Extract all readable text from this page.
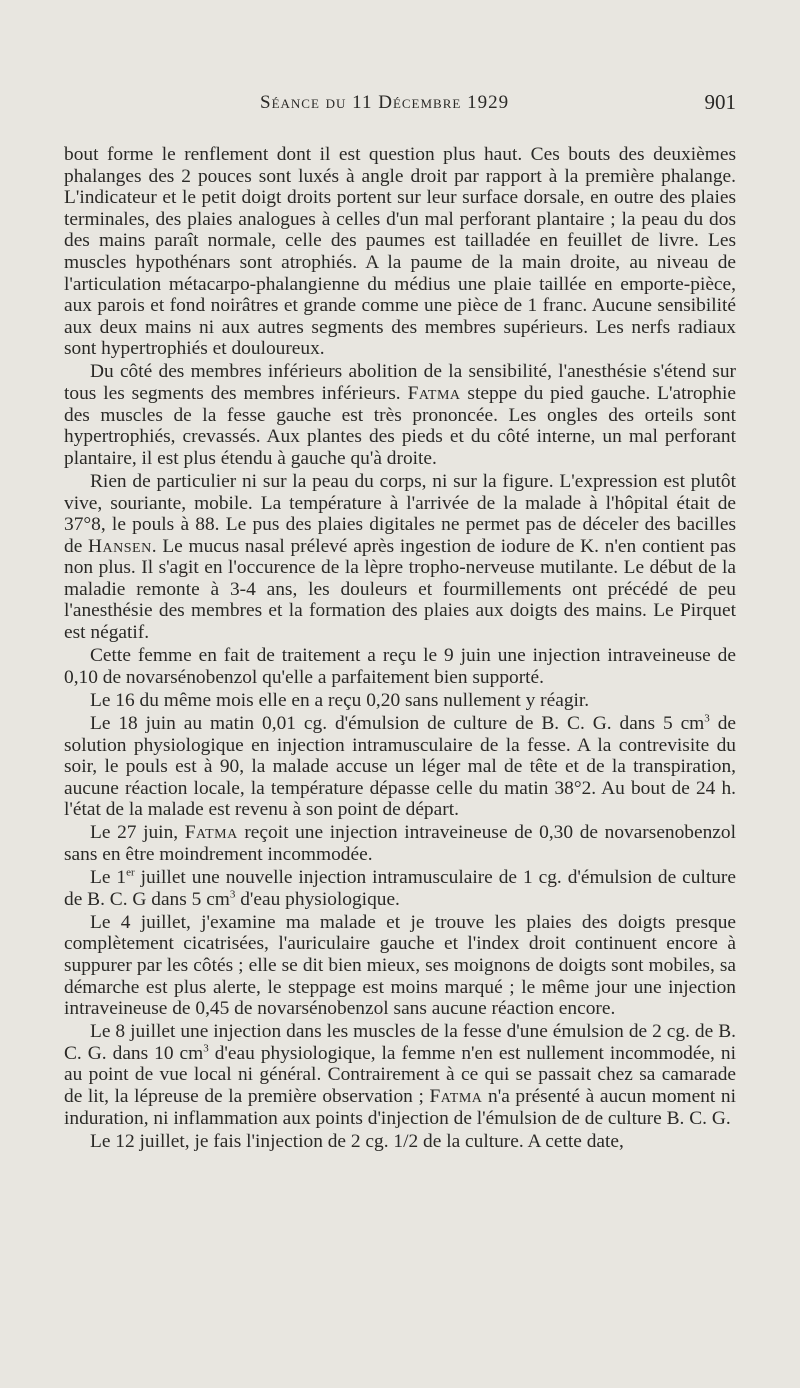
Séance du 11 Décembre 1929	901

bout forme le renflement dont il est question plus haut. Ces bouts des deuxièmes phalanges des 2 pouces sont luxés à angle droit par rapport à la première phalange. L'indicateur et le petit doigt droits portent sur leur surface dorsale, en outre des plaies terminales, des plaies analogues à celles d'un mal perforant plantaire ; la peau du dos des mains paraît normale, celle des paumes est tailladée en feuillet de livre. Les muscles hypothénars sont atrophiés. A la paume de la main droite, au niveau de l'articulation métacarpo-phalangienne du médius une plaie taillée en emporte-pièce, aux parois et fond noirâtres et grande comme une pièce de 1 franc. Aucune sensibilité aux deux mains ni aux autres segments des membres supérieurs. Les nerfs radiaux sont hypertrophiés et douloureux.

Du côté des membres inférieurs abolition de la sensibilité, l'anesthésie s'étend sur tous les segments des membres inférieurs. Fatma steppe du pied gauche. L'atrophie des muscles de la fesse gauche est très prononcée. Les ongles des orteils sont hypertrophiés, crevassés. Aux plantes des pieds et du côté interne, un mal perforant plantaire, il est plus étendu à gauche qu'à droite.

Rien de particulier ni sur la peau du corps, ni sur la figure. L'expression est plutôt vive, souriante, mobile. La température à l'arrivée de la malade à l'hôpital était de 37°8, le pouls à 88. Le pus des plaies digitales ne permet pas de déceler des bacilles de Hansen. Le mucus nasal prélevé après ingestion de iodure de K. n'en contient pas non plus. Il s'agit en l'occurence de la lèpre tropho-nerveuse mutilante. Le début de la maladie remonte à 3-4 ans, les douleurs et fourmillements ont précédé de peu l'anesthésie des membres et la formation des plaies aux doigts des mains. Le Pirquet est négatif.

Cette femme en fait de traitement a reçu le 9 juin une injection intraveineuse de 0,10 de novarsénobenzol qu'elle a parfaitement bien supporté.

Le 16 du même mois elle en a reçu 0,20 sans nullement y réagir.

Le 18 juin au matin 0,01 cg. d'émulsion de culture de B. C. G. dans 5 $cm^3$ de solution physiologique en injection intramusculaire de la fesse. A la contrevisite du soir, le pouls est à 90, la malade accuse un léger mal de tête et de la transpiration, aucune réaction locale, la température dépasse celle du matin 38°2. Au bout de 24 h. l'état de la malade est revenu à son point de départ.

Le 27 juin, Fatma reçoit une injection intraveineuse de 0,30 de novarsenobenzol sans en être moindrement incommodée.

Le 1er juillet une nouvelle injection intramusculaire de 1 cg. d'émulsion de culture de B. C. G dans 5 $cm^3$ d'eau physiologique.

Le 4 juillet, j'examine ma malade et je trouve les plaies des doigts presque complètement cicatrisées, l'auriculaire gauche et l'index droit continuent encore à suppurer par les côtés ; elle se dit bien mieux, ses moignons de doigts sont mobiles, sa démarche est plus alerte, le steppage est moins marqué ; le même jour une injection intraveineuse de 0,45 de novarsénobenzol sans aucune réaction encore.

Le 8 juillet une injection dans les muscles de la fesse d'une émulsion de 2 cg. de B. C. G. dans 10 $cm^3$ d'eau physiologique, la femme n'en est nullement incommodée, ni au point de vue local ni général. Contrairement à ce qui se passait chez sa camarade de lit, la lépreuse de la première observation ; Fatma n'a présenté à aucun moment ni induration, ni inflammation aux points d'injection de l'émulsion de de culture B. C. G.

Le 12 juillet, je fais l'injection de 2 cg. 1/2 de la culture. A cette date,
